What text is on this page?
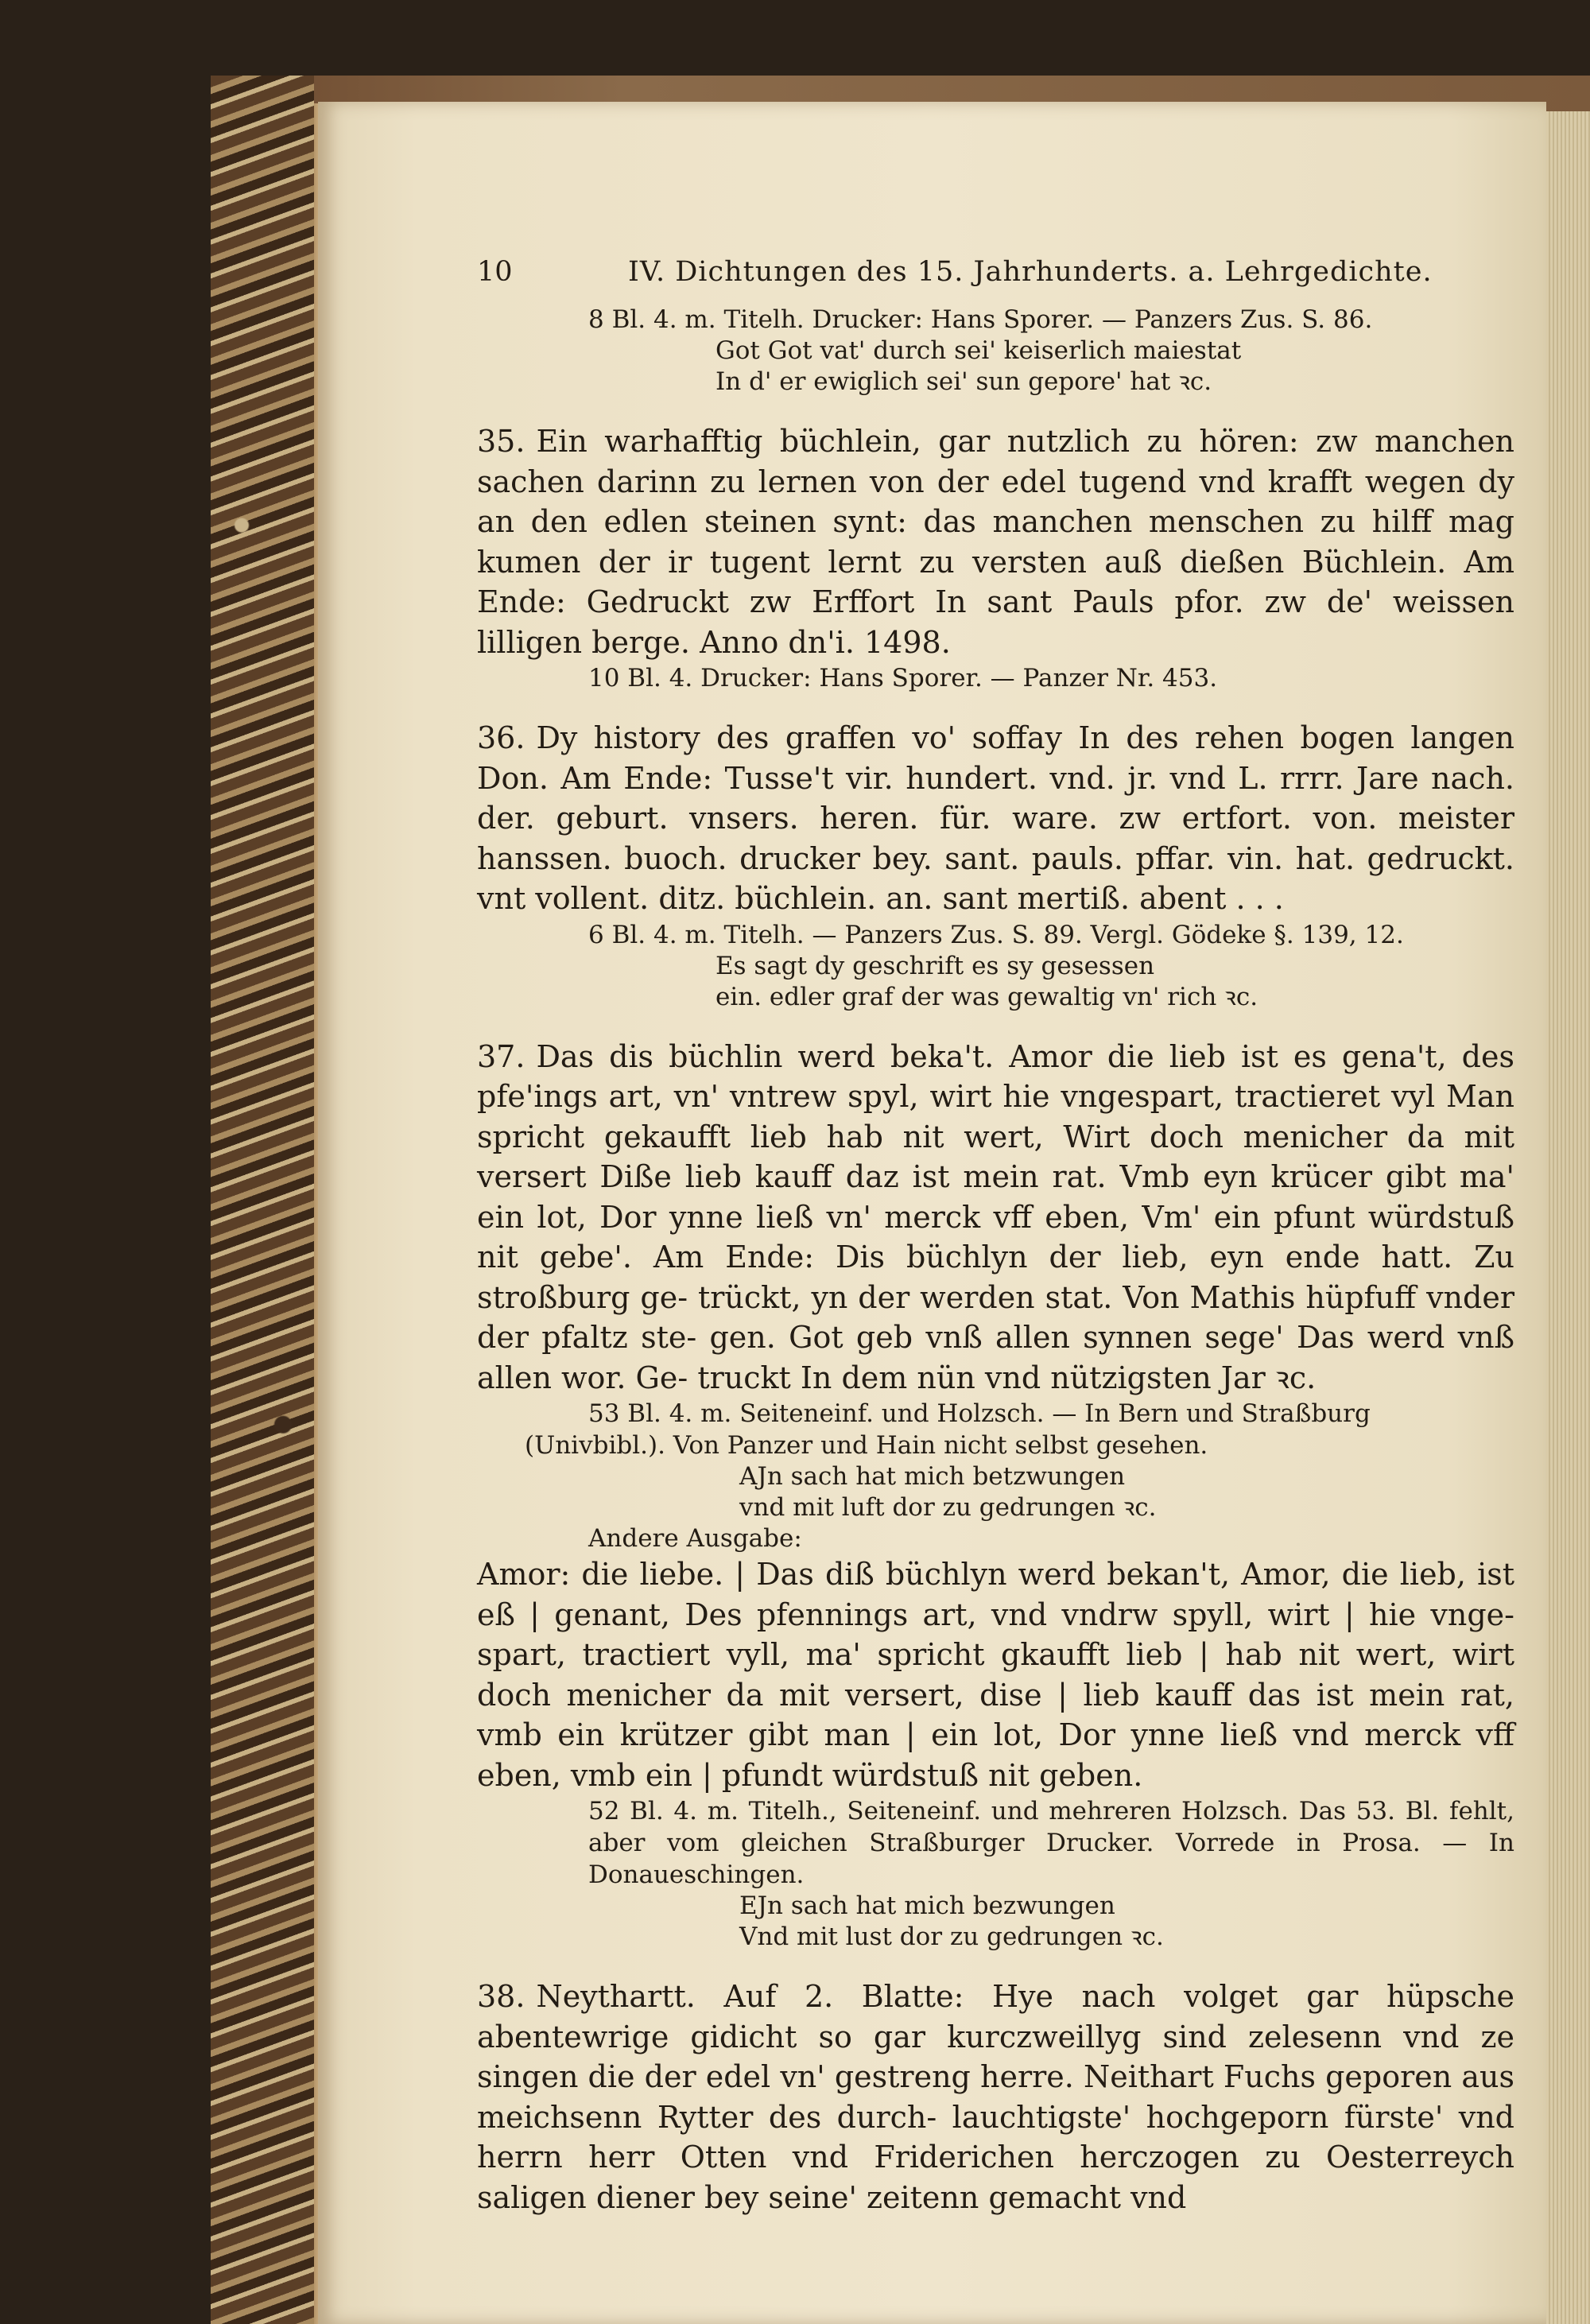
10	IV. Dichtungen des 15. Jahrhunderts. a. Lehrgedichte.

8 Bl. 4. m. Titelh. Drucker: Hans Sporer. — Panzers Zus. S. 86.

Got Got vat' durch sei' keiserlich maiestat

In d' er ewiglich sei' sun gepore' hat ꝛc.

35. Ein warhafftig büchlein, gar nutzlich zu hören: zw manchen sachen darinn zu lernen von der edel tugend vnd krafft wegen dy an den edlen steinen synt: das manchen menschen zu hilff mag kumen der ir tugent lernt zu versten auß dießen Büchlein. Am Ende: Gedruckt zw Erffort In sant Pauls pfor. zw de' weissen lilligen berge. Anno dn'i. 1498.

10 Bl. 4. Drucker: Hans Sporer. — Panzer Nr. 453.

36. Dy history des graffen vo' soffay In des rehen bogen langen Don. Am Ende: Tusse't vir. hundert. vnd. jr. vnd L. rrrr. Jare nach. der. geburt. vnsers. heren. für. ware. zw ertfort. von. meister hanssen. buoch. drucker bey. sant. pauls. pffar. vin. hat. gedruckt. vnt vollent. ditz. büchlein. an. sant mertiß. abent . . .

6 Bl. 4. m. Titelh. — Panzers Zus. S. 89. Vergl. Gödeke §. 139, 12.

Es sagt dy geschrift es sy gesessen

ein. edler graf der was gewaltig vn' rich ꝛc.

37. Das dis büchlin werd beka't. Amor die lieb ist es gena't, des pfe'ings art, vn' vntrew spyl, wirt hie vngespart, tractieret vyl Man spricht gekaufft lieb hab nit wert, Wirt doch menicher da mit versert Diße lieb kauff daz ist mein rat. Vmb eyn krücer gibt ma' ein lot, Dor ynne ließ vn' merck vff eben, Vm' ein pfunt würdstuß nit gebe'. Am Ende: Dis büchlyn der lieb, eyn ende hatt. Zu stroßburg ge- trückt, yn der werden stat. Von Mathis hüpfuff vnder der pfaltz ste- gen. Got geb vnß allen synnen sege' Das werd vnß allen wor. Ge- truckt In dem nün vnd nützigsten Jar ꝛc.

53 Bl. 4. m. Seiteneinf. und Holzsch. — In Bern und Straßburg

(Univbibl.). Von Panzer und Hain nicht selbst gesehen.

AJn sach hat mich betzwungen

vnd mit luft dor zu gedrungen ꝛc.

Andere Ausgabe:

Amor: die liebe. | Das diß büchlyn werd bekan't, Amor, die lieb, ist eß | genant, Des pfennings art, vnd vndrw spyll, wirt | hie vnge- spart, tractiert vyll, ma' spricht gkaufft lieb | hab nit wert, wirt doch menicher da mit versert, dise | lieb kauff das ist mein rat, vmb ein krützer gibt man | ein lot, Dor ynne ließ vnd merck vff eben, vmb ein | pfundt würdstuß nit geben.

52 Bl. 4. m. Titelh., Seiteneinf. und mehreren Holzsch. Das 53. Bl. fehlt, aber vom gleichen Straßburger Drucker. Vorrede in Prosa. — In Donaueschingen.

EJn sach hat mich bezwungen

Vnd mit lust dor zu gedrungen ꝛc.

38. Neythartt. Auf 2. Blatte: Hye nach volget gar hüpsche abentewrige gidicht so gar kurczweillyg sind zelesenn vnd ze singen die der edel vn' gestreng herre. Neithart Fuchs geporen aus meichsenn Rytter des durch- lauchtigste' hochgeporn fürste' vnd herrn herr Otten vnd Friderichen herczogen zu Oesterreych saligen diener bey seine' zeitenn gemacht vnd
